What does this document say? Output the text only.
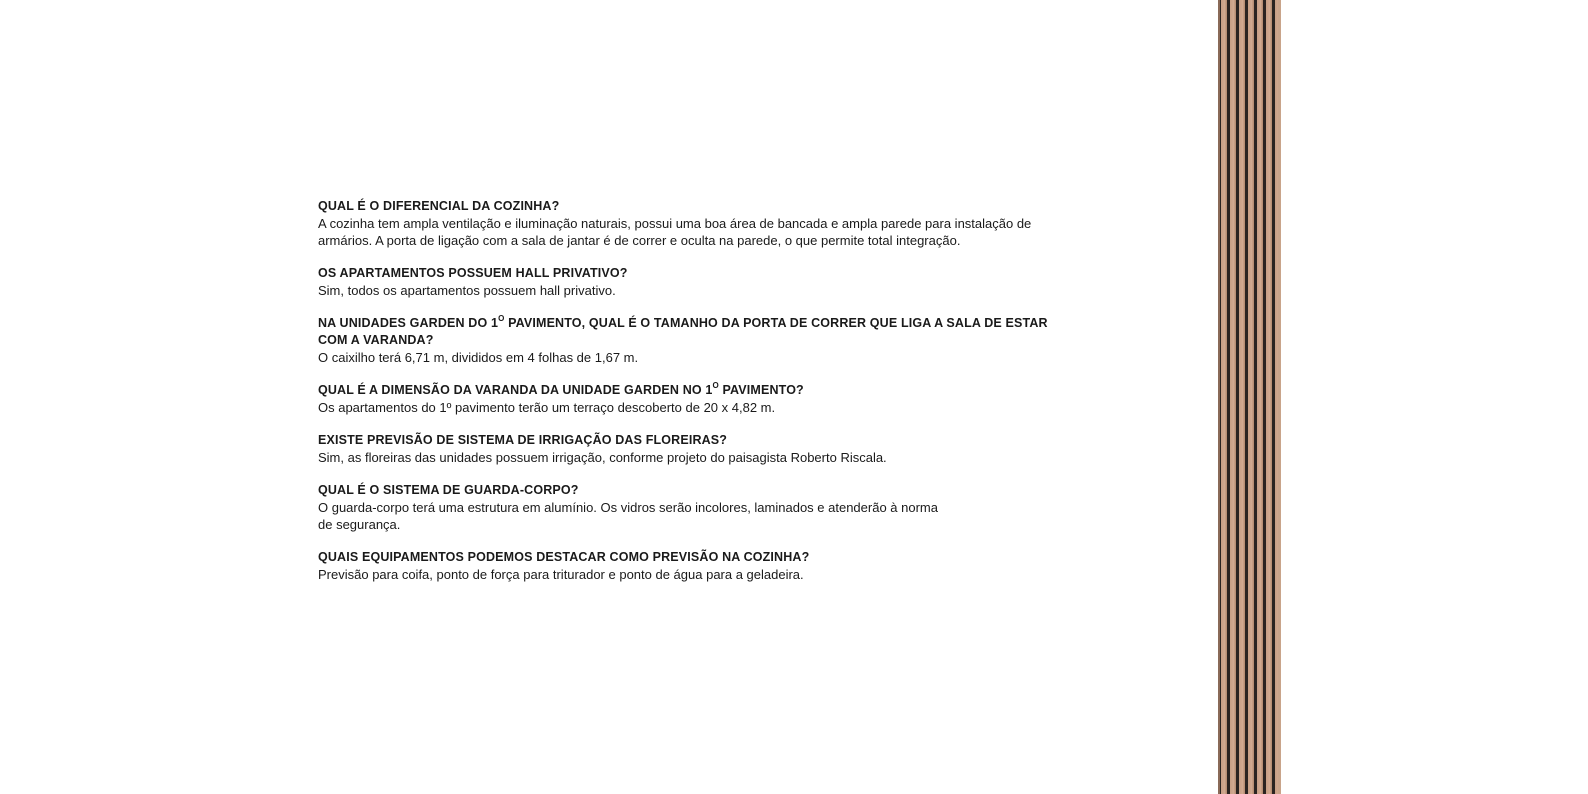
QUAL É O DIFERENCIAL DA COZINHA?

A cozinha tem ampla ventilação e iluminação naturais, possui uma boa área de bancada e ampla parede para instalação de armários. A porta de ligação com a sala de jantar é de correr e oculta na parede, o que permite total integração.

OS APARTAMENTOS POSSUEM HALL PRIVATIVO?

Sim, todos os apartamentos possuem hall privativo.

NA UNIDADES GARDEN DO $1^O$ PAVIMENTO, QUAL É O TAMANHO DA PORTA DE CORRER QUE LIGA A SALA DE ESTAR COM A VARANDA?

O caixilho terá 6,71 m, divididos em 4 folhas de 1,67 m.

QUAL É A DIMENSÃO DA VARANDA DA UNIDADE GARDEN NO $1^O$ PAVIMENTO?

Os apartamentos do 1º pavimento terão um terraço descoberto de 20 x 4,82 m.

EXISTE PREVISÃO DE SISTEMA DE IRRIGAÇÃO DAS FLOREIRAS?

Sim, as floreiras das unidades possuem irrigação, conforme projeto do paisagista Roberto Riscala.

QUAL É O SISTEMA DE GUARDA-CORPO?

O guarda-corpo terá uma estrutura em alumínio. Os vidros serão incolores, laminados e atenderão à norma

de segurança.

QUAIS EQUIPAMENTOS PODEMOS DESTACAR COMO PREVISÃO NA COZINHA?

Previsão para coifa, ponto de força para triturador e ponto de água para a geladeira.
